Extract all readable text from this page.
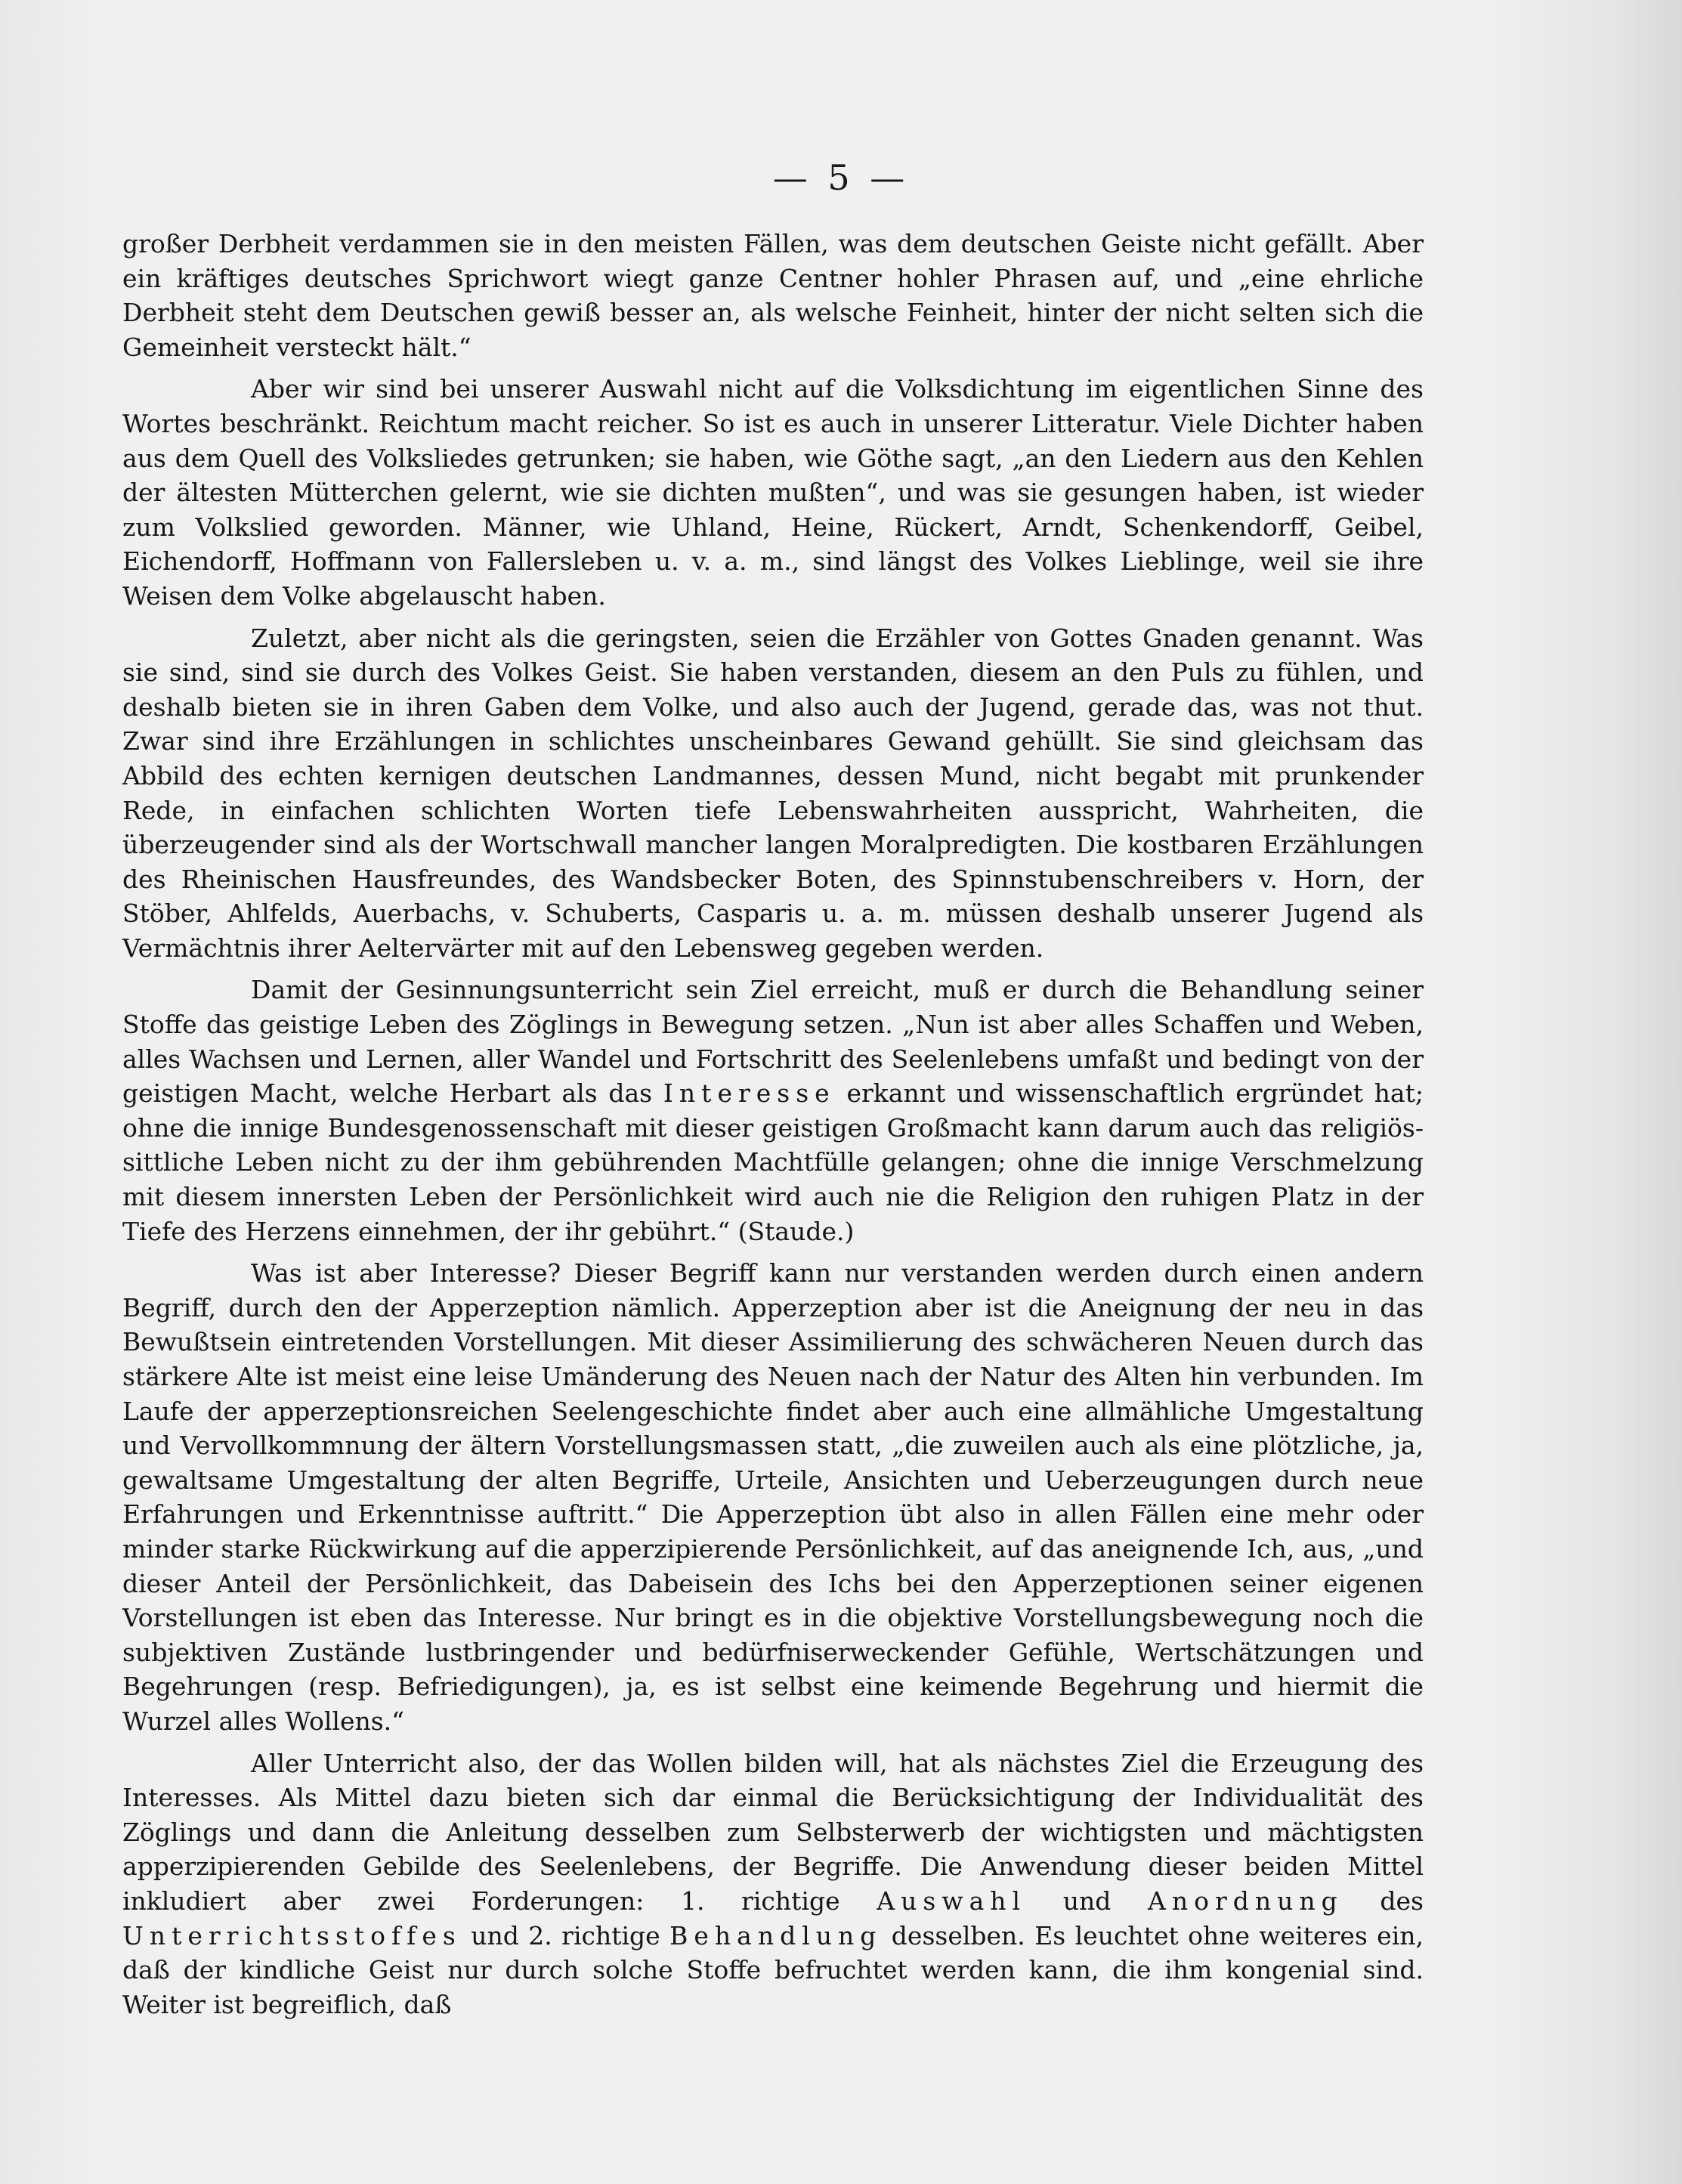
— 5 —

großer Derbheit verdammen sie in den meisten Fällen, was dem deutschen Geiste nicht gefällt. Aber ein kräftiges deutsches Sprichwort wiegt ganze Centner hohler Phrasen auf, und „eine ehrliche Derbheit steht dem Deutschen gewiß besser an, als welsche Feinheit, hinter der nicht selten sich die Gemeinheit versteckt hält.“

Aber wir sind bei unserer Auswahl nicht auf die Volksdichtung im eigentlichen Sinne des Wortes beschränkt. Reichtum macht reicher. So ist es auch in unserer Litteratur. Viele Dichter haben aus dem Quell des Volksliedes getrunken; sie haben, wie Göthe sagt, „an den Liedern aus den Kehlen der ältesten Mütterchen gelernt, wie sie dichten mußten“, und was sie gesungen haben, ist wieder zum Volkslied geworden. Männer, wie Uhland, Heine, Rückert, Arndt, Schenkendorff, Geibel, Eichendorff, Hoffmann von Fallersleben u. v. a. m., sind längst des Volkes Lieblinge, weil sie ihre Weisen dem Volke abgelauscht haben.

Zuletzt, aber nicht als die geringsten, seien die Erzähler von Gottes Gnaden genannt. Was sie sind, sind sie durch des Volkes Geist. Sie haben verstanden, diesem an den Puls zu fühlen, und deshalb bieten sie in ihren Gaben dem Volke, und also auch der Jugend, gerade das, was not thut. Zwar sind ihre Erzählungen in schlichtes unscheinbares Gewand gehüllt. Sie sind gleichsam das Abbild des echten kernigen deutschen Landmannes, dessen Mund, nicht begabt mit prunkender Rede, in einfachen schlichten Worten tiefe Lebenswahrheiten ausspricht, Wahrheiten, die überzeugender sind als der Wortschwall mancher langen Moralpredigten. Die kostbaren Erzählungen des Rheinischen Hausfreundes, des Wandsbecker Boten, des Spinnstubenschreibers v. Horn, der Stöber, Ahlfelds, Auerbachs, v. Schuberts, Casparis u. a. m. müssen deshalb unserer Jugend als Vermächtnis ihrer Aeltervärter mit auf den Lebensweg gegeben werden.

Damit der Gesinnungsunterricht sein Ziel erreicht, muß er durch die Behandlung seiner Stoffe das geistige Leben des Zöglings in Bewegung setzen. „Nun ist aber alles Schaffen und Weben, alles Wachsen und Lernen, aller Wandel und Fortschritt des Seelenlebens umfaßt und bedingt von der geistigen Macht, welche Herbart als das Interesse erkannt und wissenschaftlich ergründet hat; ohne die innige Bundesgenossenschaft mit dieser geistigen Großmacht kann darum auch das religiös-sittliche Leben nicht zu der ihm gebührenden Machtfülle gelangen; ohne die innige Verschmelzung mit diesem innersten Leben der Persönlichkeit wird auch nie die Religion den ruhigen Platz in der Tiefe des Herzens einnehmen, der ihr gebührt.“ (Staude.)

Was ist aber Interesse? Dieser Begriff kann nur verstanden werden durch einen andern Begriff, durch den der Apperzeption nämlich. Apperzeption aber ist die Aneignung der neu in das Bewußtsein eintretenden Vorstellungen. Mit dieser Assimilierung des schwächeren Neuen durch das stärkere Alte ist meist eine leise Umänderung des Neuen nach der Natur des Alten hin verbunden. Im Laufe der apperzeptionsreichen Seelengeschichte findet aber auch eine allmähliche Umgestaltung und Vervollkommnung der ältern Vorstellungsmassen statt, „die zuweilen auch als eine plötzliche, ja, gewaltsame Umgestaltung der alten Begriffe, Urteile, Ansichten und Ueberzeugungen durch neue Erfahrungen und Erkenntnisse auftritt.“ Die Apperzeption übt also in allen Fällen eine mehr oder minder starke Rückwirkung auf die apperzipierende Persönlichkeit, auf das aneignende Ich, aus, „und dieser Anteil der Persönlichkeit, das Dabeisein des Ichs bei den Apperzeptionen seiner eigenen Vorstellungen ist eben das Interesse. Nur bringt es in die objektive Vorstellungsbewegung noch die subjektiven Zustände lustbringender und bedürfniserweckender Gefühle, Wertschätzungen und Begehrungen (resp. Befriedigungen), ja, es ist selbst eine keimende Begehrung und hiermit die Wurzel alles Wollens.“

Aller Unterricht also, der das Wollen bilden will, hat als nächstes Ziel die Erzeugung des Interesses. Als Mittel dazu bieten sich dar einmal die Berücksichtigung der Individualität des Zöglings und dann die Anleitung desselben zum Selbsterwerb der wichtigsten und mächtigsten apperzipierenden Gebilde des Seelenlebens, der Begriffe. Die Anwendung dieser beiden Mittel inkludiert aber zwei Forderungen: 1. richtige Auswahl und Anordnung des Unterrichtsstoffes und 2. richtige Behandlung desselben. Es leuchtet ohne weiteres ein, daß der kindliche Geist nur durch solche Stoffe befruchtet werden kann, die ihm kongenial sind. Weiter ist begreiflich, daß
